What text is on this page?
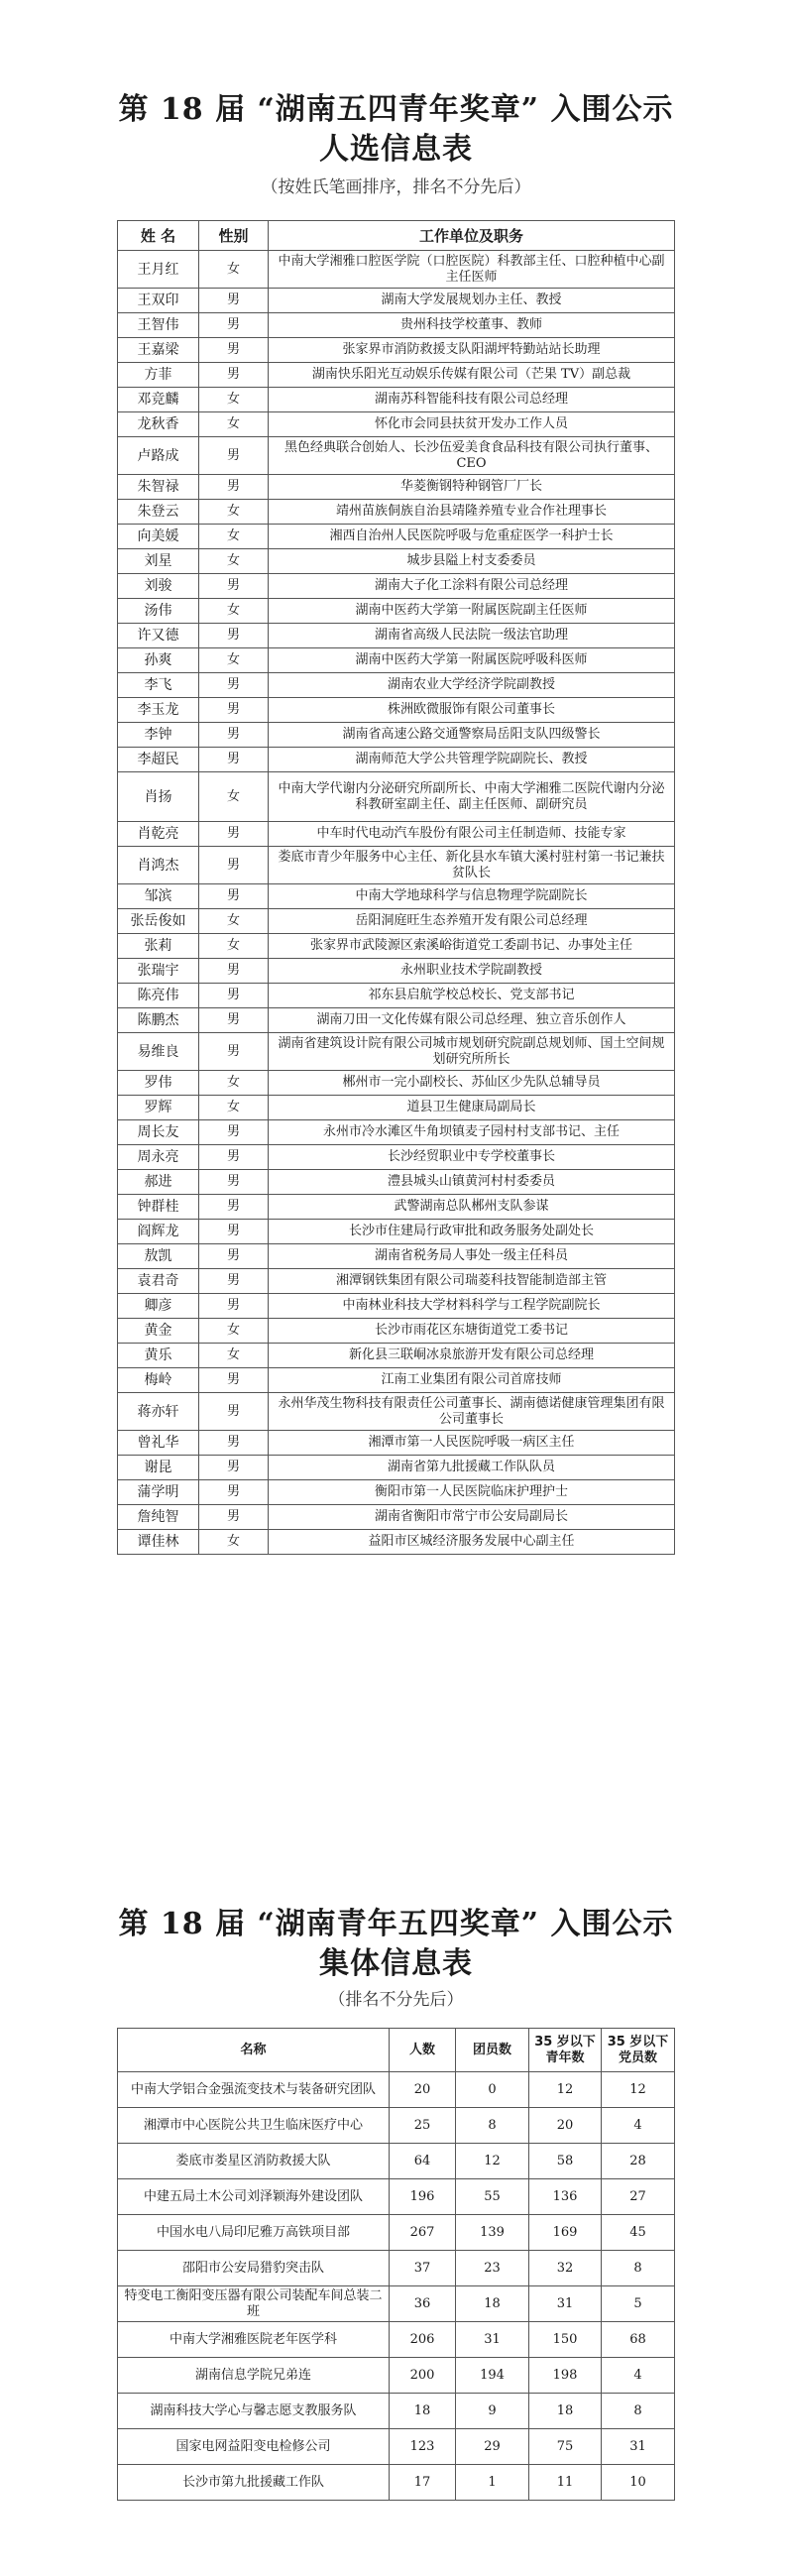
第 18 届 “湖南五四青年奖章” 入围公示
人选信息表
（按姓氏笔画排序，排名不分先后）
姓 名	性别	工作单位及职务
王月红	女	中南大学湘雅口腔医学院（口腔医院）科教部主任、口腔种植中心副主任医师
王双印	男	湖南大学发展规划办主任、教授
王智伟	男	贵州科技学校董事、教师
王嘉梁	男	张家界市消防救援支队阳湖坪特勤站站长助理
方菲	男	湖南快乐阳光互动娱乐传媒有限公司（芒果 TV）副总裁
邓竞麟	女	湖南苏科智能科技有限公司总经理
龙秋香	女	怀化市会同县扶贫开发办工作人员
卢路成	男	黑色经典联合创始人、长沙伍爱美食食品科技有限公司执行董事、CEO
朱智禄	男	华菱衡钢特种钢管厂厂长
朱登云	女	靖州苗族侗族自治县靖隆养殖专业合作社理事长
向美媛	女	湘西自治州人民医院呼吸与危重症医学一科护士长
刘星	女	城步县隘上村支委委员
刘骏	男	湖南大子化工涂料有限公司总经理
汤伟	女	湖南中医药大学第一附属医院副主任医师
许又德	男	湖南省高级人民法院一级法官助理
孙爽	女	湖南中医药大学第一附属医院呼吸科医师
李飞	男	湖南农业大学经济学院副教授
李玉龙	男	株洲欧微服饰有限公司董事长
李钟	男	湖南省高速公路交通警察局岳阳支队四级警长
李超民	男	湖南师范大学公共管理学院副院长、教授
肖扬	女	中南大学代谢内分泌研究所副所长、中南大学湘雅二医院代谢内分泌科教研室副主任、副主任医师、副研究员
肖乾亮	男	中车时代电动汽车股份有限公司主任制造师、技能专家
肖鸿杰	男	娄底市青少年服务中心主任、新化县水车镇大溪村驻村第一书记兼扶贫队长
邹滨	男	中南大学地球科学与信息物理学院副院长
张岳俊如	女	岳阳洞庭旺生态养殖开发有限公司总经理
张莉	女	张家界市武陵源区索溪峪街道党工委副书记、办事处主任
张瑞宇	男	永州职业技术学院副教授
陈亮伟	男	祁东县启航学校总校长、党支部书记
陈鹏杰	男	湖南刀田一文化传媒有限公司总经理、独立音乐创作人
易维良	男	湖南省建筑设计院有限公司城市规划研究院副总规划师、国土空间规划研究所所长
罗伟	女	郴州市一完小副校长、苏仙区少先队总辅导员
罗辉	女	道县卫生健康局副局长
周长友	男	永州市冷水滩区牛角坝镇麦子园村村支部书记、主任
周永亮	男	长沙经贸职业中专学校董事长
郝进	男	澧县城头山镇黄河村村委委员
钟群桂	男	武警湖南总队郴州支队参谋
阎辉龙	男	长沙市住建局行政审批和政务服务处副处长
敖凯	男	湖南省税务局人事处一级主任科员
袁君奇	男	湘潭钢铁集团有限公司瑞菱科技智能制造部主管
卿彦	男	中南林业科技大学材料科学与工程学院副院长
黄金	女	长沙市雨花区东塘街道党工委书记
黄乐	女	新化县三联峒冰泉旅游开发有限公司总经理
梅岭	男	江南工业集团有限公司首席技师
蒋亦轩	男	永州华茂生物科技有限责任公司董事长、湖南德诺健康管理集团有限公司董事长
曾礼华	男	湘潭市第一人民医院呼吸一病区主任
谢昆	男	湖南省第九批援藏工作队队员
蒲学明	男	衡阳市第一人民医院临床护理护士
詹纯智	男	湖南省衡阳市常宁市公安局副局长
谭佳林	女	益阳市区城经济服务发展中心副主任
第 18 届 “湖南青年五四奖章” 入围公示
集体信息表
（排名不分先后）
名称	人数	团员数	35 岁以下青年数	35 岁以下党员数
中南大学铝合金强流变技术与装备研究团队	20	0	12	12
湘潭市中心医院公共卫生临床医疗中心	25	8	20	4
娄底市娄星区消防救援大队	64	12	58	28
中建五局土木公司刘泽颖海外建设团队	196	55	136	27
中国水电八局印尼雅万高铁项目部	267	139	169	45
邵阳市公安局猎豹突击队	37	23	32	8
特变电工衡阳变压器有限公司装配车间总装二班	36	18	31	5
中南大学湘雅医院老年医学科	206	31	150	68
湖南信息学院兄弟连	200	194	198	4
湖南科技大学心与馨志愿支教服务队	18	9	18	8
国家电网益阳变电检修公司	123	29	75	31
长沙市第九批援藏工作队	17	1	11	10
